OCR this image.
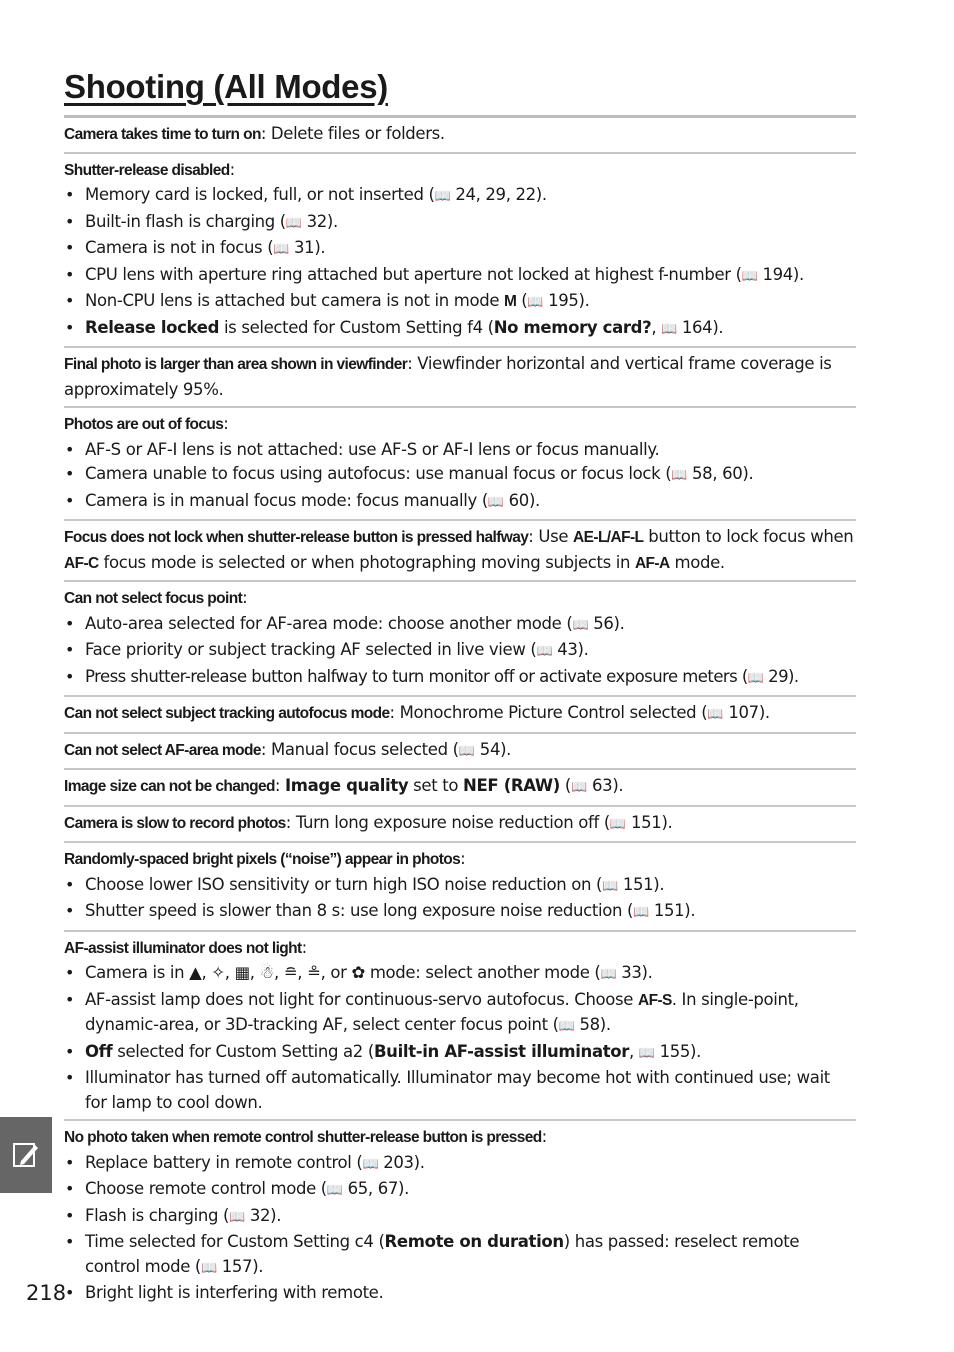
Shooting (All Modes)
Camera takes time to turn on: Delete files or folders.
Shutter-release disabled:
• Memory card is locked, full, or not inserted (📖 24, 29, 22).
• Built-in flash is charging (📖 32).
• Camera is not in focus (📖 31).
• CPU lens with aperture ring attached but aperture not locked at highest f-number (📖 194).
• Non-CPU lens is attached but camera is not in mode M (📖 195).
• Release locked is selected for Custom Setting f4 (No memory card?, 📖 164).
Final photo is larger than area shown in viewfinder: Viewfinder horizontal and vertical frame coverage is approximately 95%.
Photos are out of focus:
• AF-S or AF-I lens is not attached: use AF-S or AF-I lens or focus manually.
• Camera unable to focus using autofocus: use manual focus or focus lock (📖 58, 60).
• Camera is in manual focus mode: focus manually (📖 60).
Focus does not lock when shutter-release button is pressed halfway: Use AE-L/AF-L button to lock focus when AF-C focus mode is selected or when photographing moving subjects in AF-A mode.
Can not select focus point:
• Auto-area selected for AF-area mode: choose another mode (📖 56).
• Face priority or subject tracking AF selected in live view (📖 43).
• Press shutter-release button halfway to turn monitor off or activate exposure meters (📖 29).
Can not select subject tracking autofocus mode: Monochrome Picture Control selected (📖 107).
Can not select AF-area mode: Manual focus selected (📖 54).
Image size can not be changed: Image quality set to NEF (RAW) (📖 63).
Camera is slow to record photos: Turn long exposure noise reduction off (📖 151).
Randomly-spaced bright pixels (“noise”) appear in photos:
• Choose lower ISO sensitivity or turn high ISO noise reduction on (📖 151).
• Shutter speed is slower than 8 s: use long exposure noise reduction (📖 151).
AF-assist illuminator does not light:
• Camera is in ▲, ✧, ▦, ☃, ≘, ≗, or ✿ mode: select another mode (📖 33).
• AF-assist lamp does not light for continuous-servo autofocus. Choose AF-S. In single-point, dynamic-area, or 3D-tracking AF, select center focus point (📖 58).
• Off selected for Custom Setting a2 (Built-in AF-assist illuminator, 📖 155).
• Illuminator has turned off automatically. Illuminator may become hot with continued use; wait for lamp to cool down.
No photo taken when remote control shutter-release button is pressed:
• Replace battery in remote control (📖 203).
• Choose remote control mode (📖 65, 67).
• Flash is charging (📖 32).
• Time selected for Custom Setting c4 (Remote on duration) has passed: reselect remote control mode (📖 157).
• Bright light is interfering with remote.
218
